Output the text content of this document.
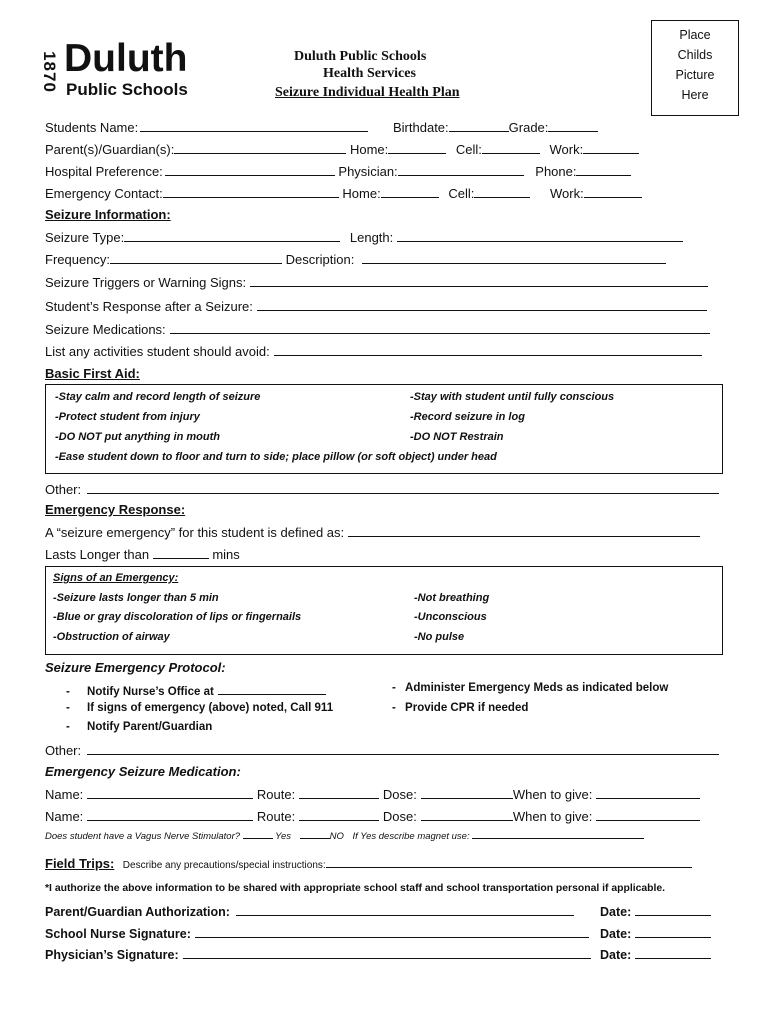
1870 Duluth
Public Schools
Duluth Public Schools
Health Services
Seizure Individual Health Plan
Place
Childs
Picture
Here
Students Name:	Birthdate:	Grade:
Parent(s)/Guardian(s):	Home:	Cell:	Work:
Hospital Preference:	Physician:	Phone:
Emergency Contact:	Home:	Cell:	Work:
Seizure Information:
Seizure Type:	Length:
Frequency:	Description:
Seizure Triggers or Warning Signs:
Student’s Response after a Seizure:
Seizure Medications:
List any activities student should avoid:
Basic First Aid:
-Stay calm and record length of seizure	-Stay with student until fully conscious
-Protect student from injury	-Record seizure in log
-DO NOT put anything in mouth	-DO NOT Restrain
-Ease student down to floor and turn to side; place pillow (or soft object) under head
Other:
Emergency Response:
A “seizure emergency” for this student is defined as:
Lasts Longer than	mins
Signs of an Emergency:
-Seizure lasts longer than 5 min	-Not breathing
-Blue or gray discoloration of lips or fingernails	-Unconscious
-Obstruction of airway	-No pulse
Seizure Emergency Protocol:
- Notify Nurse’s Office at	- Administer Emergency Meds as indicated below
- If signs of emergency (above) noted, Call 911	- Provide CPR if needed
- Notify Parent/Guardian
Other:
Emergency Seizure Medication:
Name:	Route:	Dose:	When to give:
Name:	Route:	Dose:	When to give:
Does student have a Vagus Nerve Stimulator?	Yes	NO If Yes describe magnet use:
Field Trips: Describe any precautions/special instructions:
*I authorize the above information to be shared with appropriate school staff and school transportation personal if applicable.
Parent/Guardian Authorization:	Date:
School Nurse Signature:	Date:
Physician’s Signature:	Date:
